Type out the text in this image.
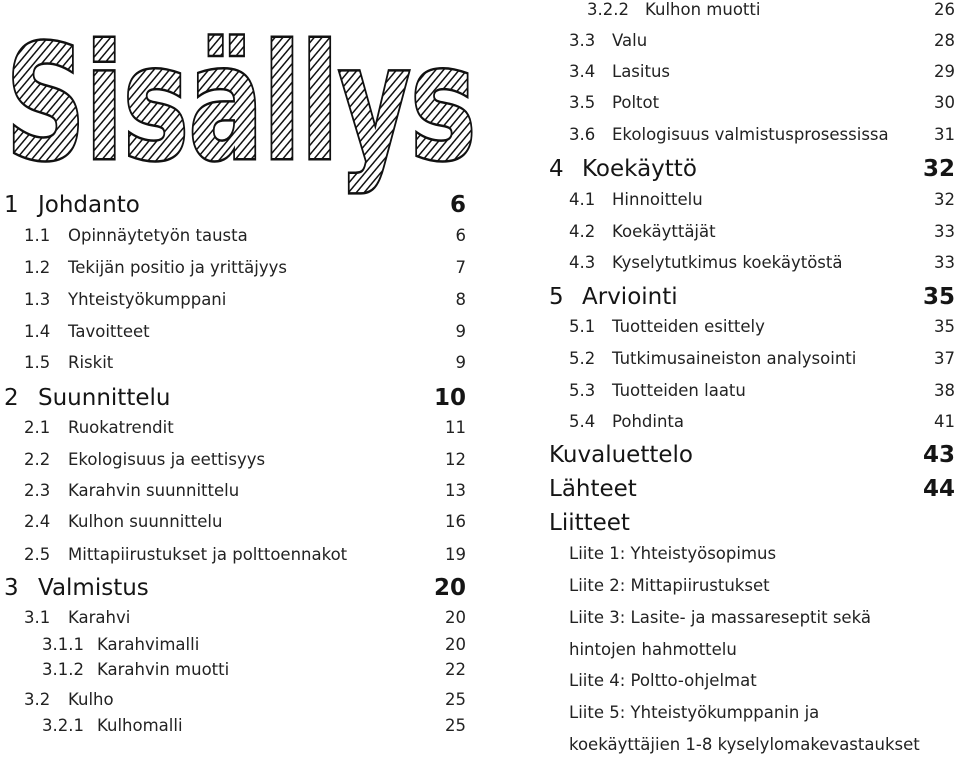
Sisällys
1 Johdanto	6
1.1 Opinnäytetyön tausta	6
1.2 Tekijän positio ja yrittäjyys	7
1.3 Yhteistyökumppani	8
1.4 Tavoitteet	9
1.5 Riskit	9
2 Suunnittelu	10
2.1 Ruokatrendit	11
2.2 Ekologisuus ja eettisyys	12
2.3 Karahvin suunnittelu	13
2.4 Kulhon suunnittelu	16
2.5 Mittapiirustukset ja polttoennakot	19
3 Valmistus	20
3.1 Karahvi	20
3.1.1 Karahvimalli	20
3.1.2 Karahvin muotti	22
3.2 Kulho	25
3.2.1 Kulhomalli	25
3.2.2 Kulhon muotti	26
3.3 Valu	28
3.4 Lasitus	29
3.5 Poltot	30
3.6 Ekologisuus valmistusprosessissa	31
4 Koekäyttö	32
4.1 Hinnoittelu	32
4.2 Koekäyttäjät	33
4.3 Kyselytutkimus koekäytöstä	33
5 Arviointi	35
5.1 Tuotteiden esittely	35
5.2 Tutkimusaineiston analysointi	37
5.3 Tuotteiden laatu	38
5.4 Pohdinta	41
Kuvaluettelo	43
Lähteet	44
Liitteet
Liite 1: Yhteistyösopimus
Liite 2: Mittapiirustukset
Liite 3: Lasite- ja massareseptit sekä
hintojen hahmottelu
Liite 4: Poltto-ohjelmat
Liite 5: Yhteistyökumppanin ja
koekäyttäjien 1-8 kyselylomakevastaukset
